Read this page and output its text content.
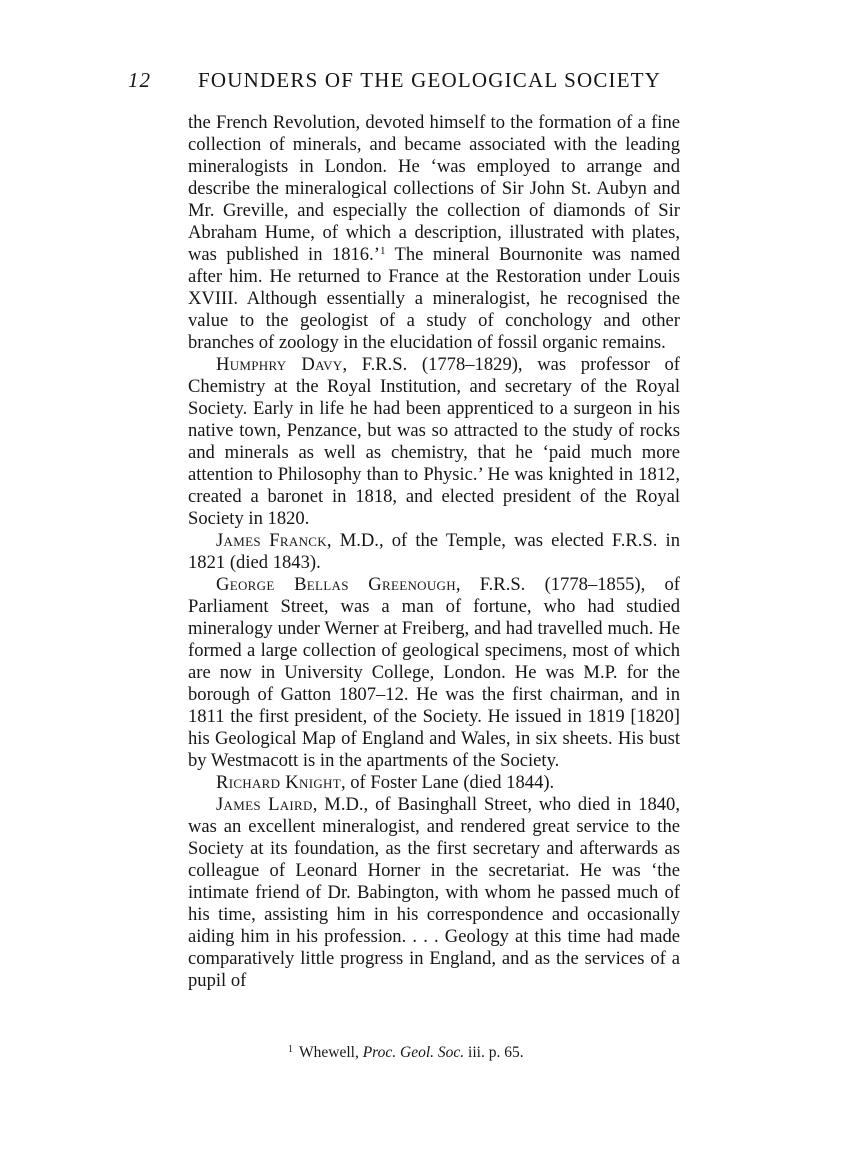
12 FOUNDERS OF THE GEOLOGICAL SOCIETY

the French Revolution, devoted himself to the formation of a fine collection of minerals, and became associated with the leading mineralogists in London. He ‘was employed to arrange and describe the mineralogical collections of Sir John St. Aubyn and Mr. Greville, and especially the collection of diamonds of Sir Abraham Hume, of which a description, illustrated with plates, was published in 1816.’$^1$ The mineral Bournonite was named after him. He returned to France at the Restoration under Louis XVIII. Although essentially a mineralogist, he recognised the value to the geologist of a study of conchology and other branches of zoology in the elucidation of fossil organic remains.

Humphry Davy, F.R.S. (1778–1829), was professor of Chemistry at the Royal Institution, and secretary of the Royal Society. Early in life he had been apprenticed to a surgeon in his native town, Penzance, but was so attracted to the study of rocks and minerals as well as chemistry, that he ‘paid much more attention to Philosophy than to Physic.’ He was knighted in 1812, created a baronet in 1818, and elected president of the Royal Society in 1820.

James Franck, M.D., of the Temple, was elected F.R.S. in 1821 (died 1843).

George Bellas Greenough, F.R.S. (1778–1855), of Parliament Street, was a man of fortune, who had studied mineralogy under Werner at Freiberg, and had travelled much. He formed a large collection of geological specimens, most of which are now in University College, London. He was M.P. for the borough of Gatton 1807–12. He was the first chairman, and in 1811 the first president, of the Society. He issued in 1819 [1820] his Geological Map of England and Wales, in six sheets. His bust by Westmacott is in the apartments of the Society.

Richard Knight, of Foster Lane (died 1844).

James Laird, M.D., of Basinghall Street, who died in 1840, was an excellent mineralogist, and rendered great service to the Society at its foundation, as the first secretary and afterwards as colleague of Leonard Horner in the secretariat. He was ‘the intimate friend of Dr. Babington, with whom he passed much of his time, assisting him in his correspondence and occasionally aiding him in his profession. . . . Geology at this time had made comparatively little progress in England, and as the services of a pupil of

$^1$ Whewell, Proc. Geol. Soc. iii. p. 65.
